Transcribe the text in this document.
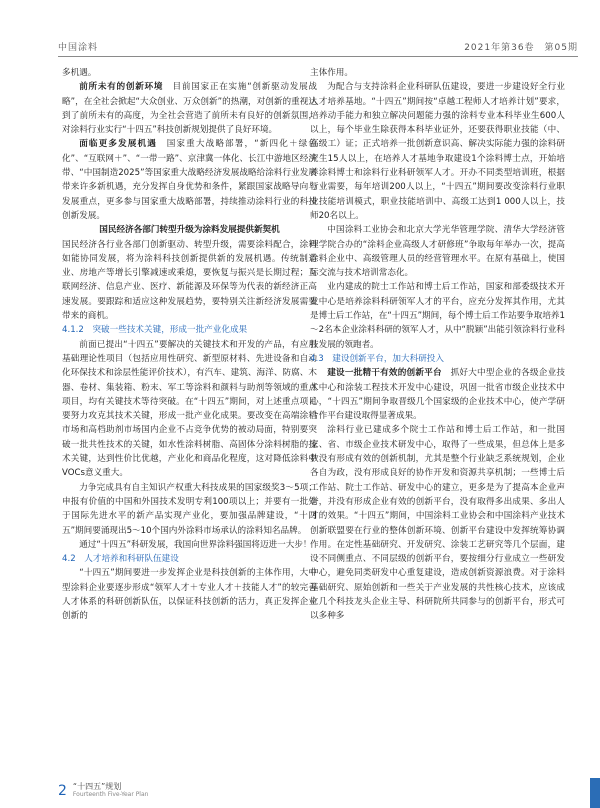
中国涂料	2021年第36卷　第05期

多机遇。

前所未有的创新环境　目前国家正在实施“创新驱动发展战略”，在全社会掀起“大众创业、万众创新”的热潮，对创新的重视达到了前所未有的高度，为全社会营造了前所未有良好的创新氛围，对涂料行业实行“十四五”科技创新规划提供了良好环境。

面临更多发展机遇　国家重大战略部署，“新四化＋绿色化”、“互联网＋”、“一带一路”、京津冀一体化、长江中游地区经济带、“中国制造2025”等国家重大战略经济发展战略给涂料行业发展带来许多新机遇，充分发挥自身优势和条件，紧跟国家战略导向与发展重点，更多参与国家重大战略部署，持续推动涂料行业的科技创新发展。

国民经济各部门转型升级为涂料发展提供新契机

国民经济各行业各部门创新驱动、转型升级，需要涂料配合，涂料如能协同发展，将为涂料科技创新提供新的发展机遇。传统制造业、房地产等增长引擎减速或乘熄，要恢复与振兴是长期过程；互联网经济、信息产业、医疗、新能源及环保等为代表的新经济正高速发展。要跟踪和适应这种发展趋势，要特别关注新经济发展需要带来的商机。

4.1.2　突破一些技术关键，形成一批产业化成果

前面已提出“十四五”要解决的关键技术和开发的产品，有应用基础理论性项目（包括应用性研究、新型原材料、先进设备和自动化环保技术和涂层性能评价技术），有汽车、建筑、海洋、防腐、木器、卷材、集装箱、粉末、军工等涂料和颜料与助剂等领域的重点项目，均有关键技术等待突破。在“十四五”期间，对上述重点项目要努力攻克其技术关键，形成一批产业化成果。要改变在高端涂料市场和高档助剂市场国内企业不占竞争优势的被动局面，特别要突破一批共性技术的关键，如水性涂料树脂、高固体分涂料树脂的技术关键，达到性价比优越，产业化和商品化程度，这对降低涂料中VOCs意义重大。

力争完成具有自主知识产权重大科技成果的国家级奖3～5项；申报有价值的中国和外国技术发明专利100项以上；并要有一批处于国际先进水平的新产品实现产业化，要加强品牌建设，“十四五”期间要涌现出5～10个国内外涂料市场承认的涂料知名品牌。

通过“十四五”科研发展，我国向世界涂料强国将迈进一大步！

4.2　人才培养和科研队伍建设

“十四五”期间要进一步发挥企业是科技创新的主体作用，大中型涂料企业要逐步形成“领军人才＋专业人才＋技能人才”的较完善人才体系的科研创新队伍，以保证科技创新的活力，真正发挥企业创新的

主体作用。

为配合与支持涂料企业科研队伍建设，要进一步建设好全行业人才培养基地。“十四五”期间按“卓越工程师人才培养计划”要求，培养动手能力和独立解决问题能力强的涂料专业本科毕业生600人以上，每个毕业生除获得本科毕业证外，还要获得职业技能（中、高级工）证；正式培养一批创新意识高、解决实际能力强的涂料研究生15人以上，在培养人才基地争取建设1个涂料博士点，开始培养涂料博士和涂料行业科研领军人才。开办不同类型培训班，根据行业需要，每年培训200人以上，“十四五”期间要改变涂料行业职业技能培训模式，职业技能培训中、高级工达到1 000人以上，技师20名以上。

中国涂料工业协会和北京大学光华管理学院、清华大学经济管理学院合办的“涂料企业高级人才研修班”争取每年举办一次，提高涂料企业中、高级管理人员的经营管理水平。在原有基础上，使国际交流与技术培训常态化。

业内建成的院士工作站和博士后工作站，国家和部委级技术开发中心是培养涂料科研领军人才的平台，应充分发挥其作用，尤其是博士后工作站，在“十四五”期间，每个博士后工作站要争取培养1～2名本企业涂料科研的领军人才，从中“脱颖”出能引领涂料行业科技发展的领跑者。

4.3　建设创新平台，加大科研投入

建设一批精干有效的创新平台　抓好大中型企业的各级企业技术中心和涂装工程技术开发中心建设，巩固一批省市级企业技术中心，“十四五”期间争取晋级几个国家级的企业技术中心，使产学研合作平台建设取得显著成果。

涂料行业已建成多个院士工作站和博士后工作站，和一批国家、省、市级企业技术研发中心，取得了一些成果，但总体上是多数没有形成有效的创新机制，尤其是整个行业缺乏系统规划，企业各自为政，没有形成良好的协作开发和资源共享机制；一些博士后工作站、院士工作站、研发中心的建立，更多是为了提高本企业声誉，并没有形成企业有效的创新平台，没有取得多出成果、多出人才的效果。“十四五”期间，中国涂料工业协会和中国涂料产业技术创新联盟要在行业的整体创新环境、创新平台建设中发挥统筹协调作用。在定性基础研究、开发研究、涂装工艺研究等几个层面，建设不同侧重点、不同层级的创新平台，要按细分行业成立一些研发中心，避免同类研发中心重复建设，造成创新资源浪费。对于涂料基础研究、原始创新和一些关于产业发展的共性核心技术，应该成立几个科技龙头企业主导、科研院所共同参与的创新平台，形式可以多种多

2 “十四五”规划
Fourteenth Five-Year Plan
